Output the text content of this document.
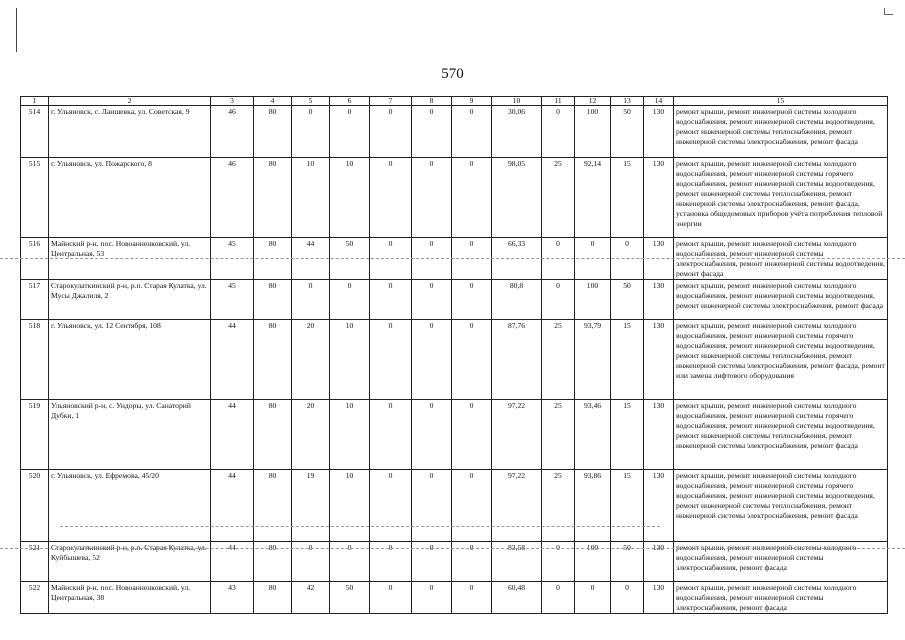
570
1	2	3	4	5	6	7	8	9	10	11	12	13	14	15
514	г. Ульяновск, с. Лаишевка, ул. Советская, 9	46	80	0	0	0	0	0	30,06	0	100	50	130	ремонт крыши, ремонт инженерной системы холодного водоснабжения, ремонт инженерной системы водоотведения, ремонт инженерной системы теплоснабжения, ремонт инженерной системы электроснабжения, ремонт фасада
515	г. Ульяновск, ул. Пожарского, 8	46	80	10	10	0	0	0	98,05	25	92,14	15	130	ремонт крыши, ремонт инженерной системы холодного водоснабжения, ремонт инженерной системы горячего водоснабжения, ремонт инженерной системы водоотведения, ремонт инженерной системы теплоснабжения, ремонт инженерной системы электроснабжения, ремонт фасада, установка общедомовых приборов учёта потребления тепловой энергии
516	Майнский р-н, пос. Новоанненковский, ул. Центральная, 53	45	80	44	50	0	0	0	66,33	0	0	0	130	ремонт крыши, ремонт инженерной системы холодного водоснабжения, ремонт инженерной системы электроснабжения, ремонт инженерной системы водоотведения, ремонт фасада
517	Старокулаткинский р-н, р.п. Старая Кулатка, ул. Мусы Джалиля, 2	45	80	0	0	0	0	0	80,8	0	100	50	130	ремонт крыши, ремонт инженерной системы холодного водоснабжения, ремонт инженерной системы водоотведения, ремонт инженерной системы электроснабжения, ремонт фасада
518	г. Ульяновск, ул. 12 Сентября, 108	44	80	20	10	0	0	0	87,76	25	93,79	15	130	ремонт крыши, ремонт инженерной системы холодного водоснабжения, ремонт инженерной системы горячего водоснабжения, ремонт инженерной системы водоотведения, ремонт инженерной системы теплоснабжения, ремонт инженерной системы электроснабжения, ремонт фасада, ремонт или замена лифтового оборудования
519	Ульяновский р-н, с. Ундоры, ул. Санаторий Дубки, 1	44	80	20	10	0	0	0	97,22	25	93,46	15	130	ремонт крыши, ремонт инженерной системы холодного водоснабжения, ремонт инженерной системы горячего водоснабжения, ремонт инженерной системы водоотведения, ремонт инженерной системы теплоснабжения, ремонт инженерной системы электроснабжения, ремонт фасада
520	г. Ульяновск, ул. Ефремова, 45/20	44	80	19	10	0	0	0	97,22	25	93,86	15	130	ремонт крыши, ремонт инженерной системы холодного водоснабжения, ремонт инженерной системы горячего водоснабжения, ремонт инженерной системы водоотведения, ремонт инженерной системы теплоснабжения, ремонт инженерной системы электроснабжения, ремонт фасада
521	Старокулаткинский р-н, р.п. Старая Кулатка, ул. Куйбышева, 52	44	80	0	0	0	0	0	83,58	0	100	50	130	ремонт крыши, ремонт инженерной системы холодного водоснабжения, ремонт инженерной системы электроснабжения, ремонт фасада
522	Майнский р-н, пос. Новоанненковский, ул. Центральная, 38	43	80	42	50	0	0	0	60,48	0	0	0	130	ремонт крыши, ремонт инженерной системы холодного водоснабжения, ремонт инженерной системы электроснабжения, ремонт фасада
